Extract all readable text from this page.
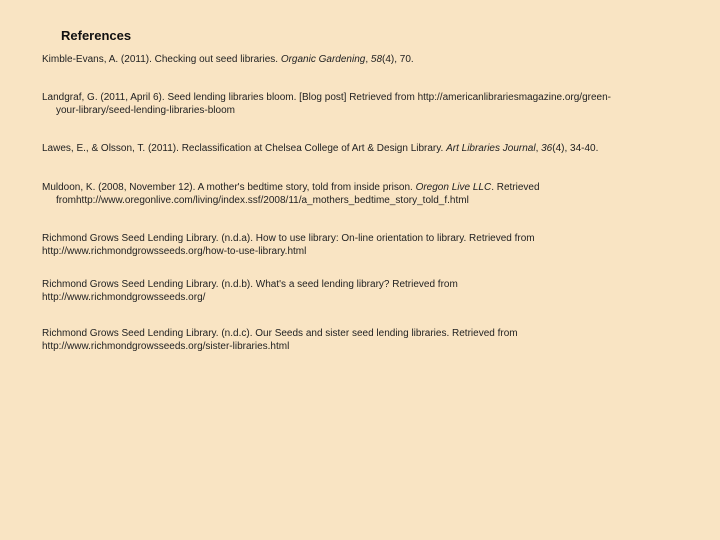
References
Kimble-Evans, A. (2011). Checking out seed libraries. Organic Gardening, 58(4), 70.
Landgraf, G. (2011, April 6). Seed lending libraries bloom. [Blog post] Retrieved from http://americanlibrariesmagazine.org/green-
your-library/seed-lending-libraries-bloom
Lawes, E., & Olsson, T. (2011). Reclassification at Chelsea College of Art & Design Library. Art Libraries Journal, 36(4), 34-40.
Muldoon, K. (2008, November 12). A mother's bedtime story, told from inside prison. Oregon Live LLC. Retrieved
fromhttp://www.oregonlive.com/living/index.ssf/2008/11/a_mothers_bedtime_story_told_f.html
Richmond Grows Seed Lending Library. (n.d.a). How to use library: On-line orientation to library. Retrieved from
http://www.richmondgrowsseeds.org/how-to-use-library.html
Richmond Grows Seed Lending Library. (n.d.b). What's a seed lending library? Retrieved from
http://www.richmondgrowsseeds.org/
Richmond Grows Seed Lending Library. (n.d.c). Our Seeds and sister seed lending libraries. Retrieved from
http://www.richmondgrowsseeds.org/sister-libraries.html
